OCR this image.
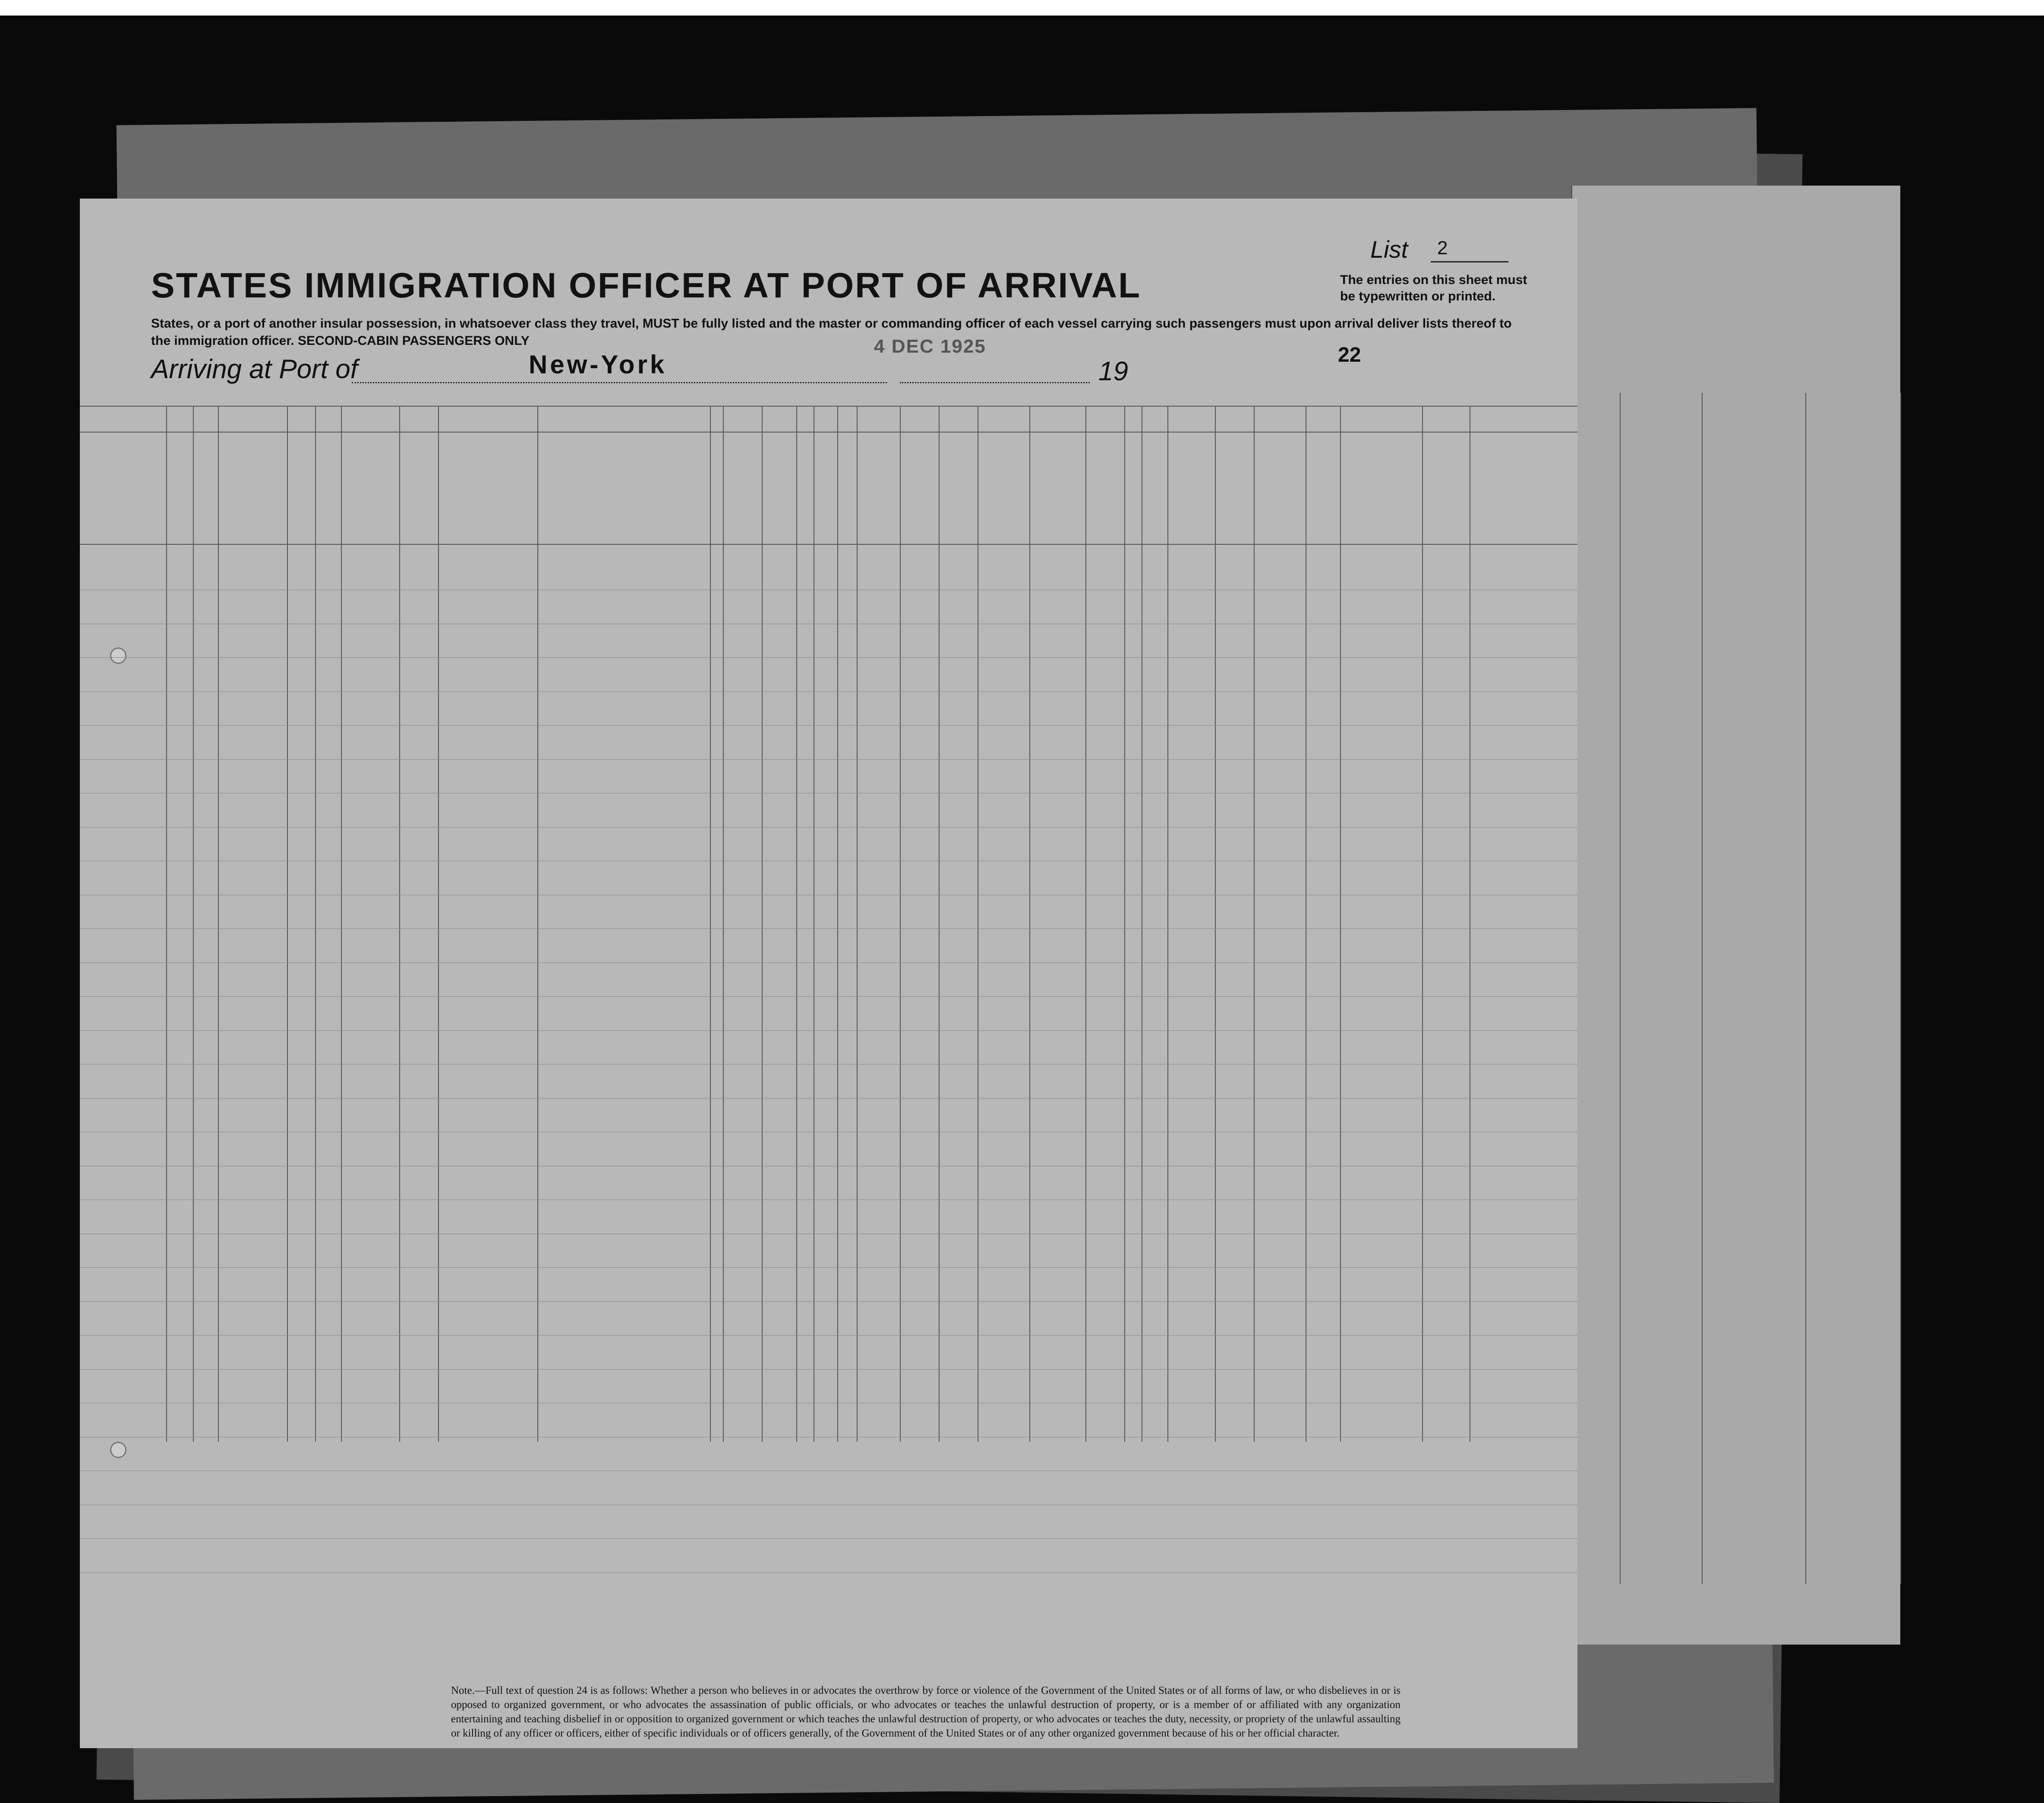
List 2
STATES IMMIGRATION OFFICER AT PORT OF ARRIVAL	The entries on this sheet must be typewritten or printed.
States, or a port of another insular possession, in whatsoever class they travel, MUST be fully listed and the master or commanding officer of each vessel carrying such passengers must upon arrival deliver lists thereof to the immigration officer. SECOND-CABIN PASSENGERS ONLY
Arriving at Port of	New-York
4 DEC 1925
19
22
Note.—Full text of question 24 is as follows: Whether a person who believes in or advocates the overthrow by force or violence of the Government of the United States or of all forms of law, or who disbelieves in or is opposed to organized government, or who advocates the assassination of public officials, or who advocates or teaches the unlawful destruction of property, or is a member of or affiliated with any organization entertaining and teaching disbelief in or opposition to organized government or which teaches the unlawful destruction of property, or who advocates or teaches the duty, necessity, or propriety of the unlawful assaulting or killing of any officer or officers, either of specific individuals or of officers generally, of the Government of the United States or of any other organized government because of his or her official character.
